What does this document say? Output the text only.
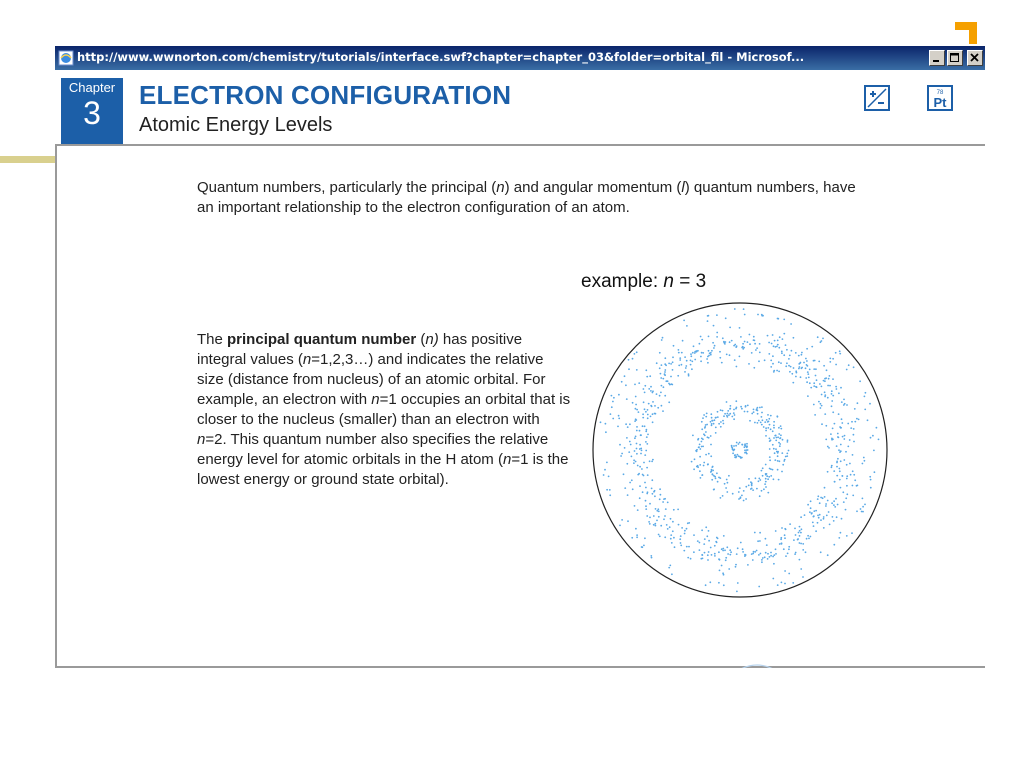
http://www.wwnorton.com/chemistry/tutorials/interface.swf?chapter=chapter_03&folder=orbital_fil - Microsof...
Chapter
3	ELECTRON CONFIGURATION
Atomic Energy Levels
78
Pt

Quantum numbers, particularly the principal (n) and angular momentum (l) quantum numbers, have an important relationship to the electron configuration of an atom.

example: n = 3

The principal quantum number (n) has positive integral values (n=1,2,3…) and indicates the relative size (distance from nucleus) of an atomic orbital. For example, an electron with n=1 occupies an orbital that is closer to the nucleus (smaller) than an electron with n=2. This quantum number also specifies the relative energy level for atomic orbitals in the H atom (n=1 is the lowest energy or ground state orbital).
